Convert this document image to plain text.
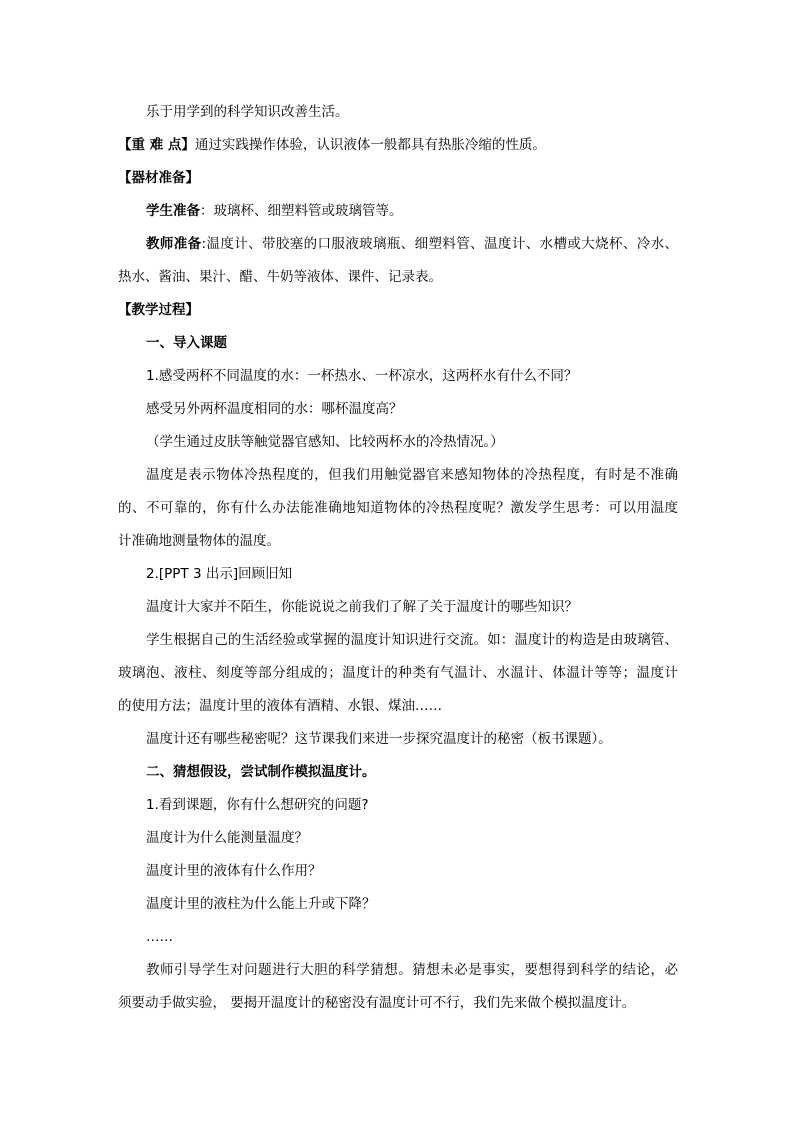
乐于用学到的科学知识改善生活。
【重 难 点】通过实践操作体验，认识液体一般都具有热胀冷缩的性质。
【器材准备】
学生准备：玻璃杯、细塑料管或玻璃管等。
教师准备:温度计、带胶塞的口服液玻璃瓶、细塑料管、温度计、水槽或大烧杯、冷水、
热水、酱油、果汁、醋、牛奶等液体、课件、记录表。
【教学过程】
一、导入课题
1.感受两杯不同温度的水：一杯热水、一杯凉水，这两杯水有什么不同？
感受另外两杯温度相同的水：哪杯温度高？
（学生通过皮肤等触觉器官感知、比较两杯水的冷热情况。）
温度是表示物体冷热程度的，但我们用触觉器官来感知物体的冷热程度，有时是不准确
的、不可靠的，你有什么办法能准确地知道物体的冷热程度呢？激发学生思考：可以用温度
计准确地测量物体的温度。
2.[PPT 3 出示]回顾旧知
温度计大家并不陌生，你能说说之前我们了解了关于温度计的哪些知识？
学生根据自己的生活经验或掌握的温度计知识进行交流。如：温度计的构造是由玻璃管、
玻璃泡、液柱、刻度等部分组成的；温度计的种类有气温计、水温计、体温计等等；温度计
的使用方法；温度计里的液体有酒精、水银、煤油……
温度计还有哪些秘密呢？这节课我们来进一步探究温度计的秘密（板书课题）。
二、猜想假设，尝试制作模拟温度计。
1.看到课题，你有什么想研究的问题?
温度计为什么能测量温度？
温度计里的液体有什么作用？
温度计里的液柱为什么能上升或下降？
……
教师引导学生对问题进行大胆的科学猜想。猜想未必是事实，要想得到科学的结论，必
须要动手做实验， 要揭开温度计的秘密没有温度计可不行，我们先来做个模拟温度计。
